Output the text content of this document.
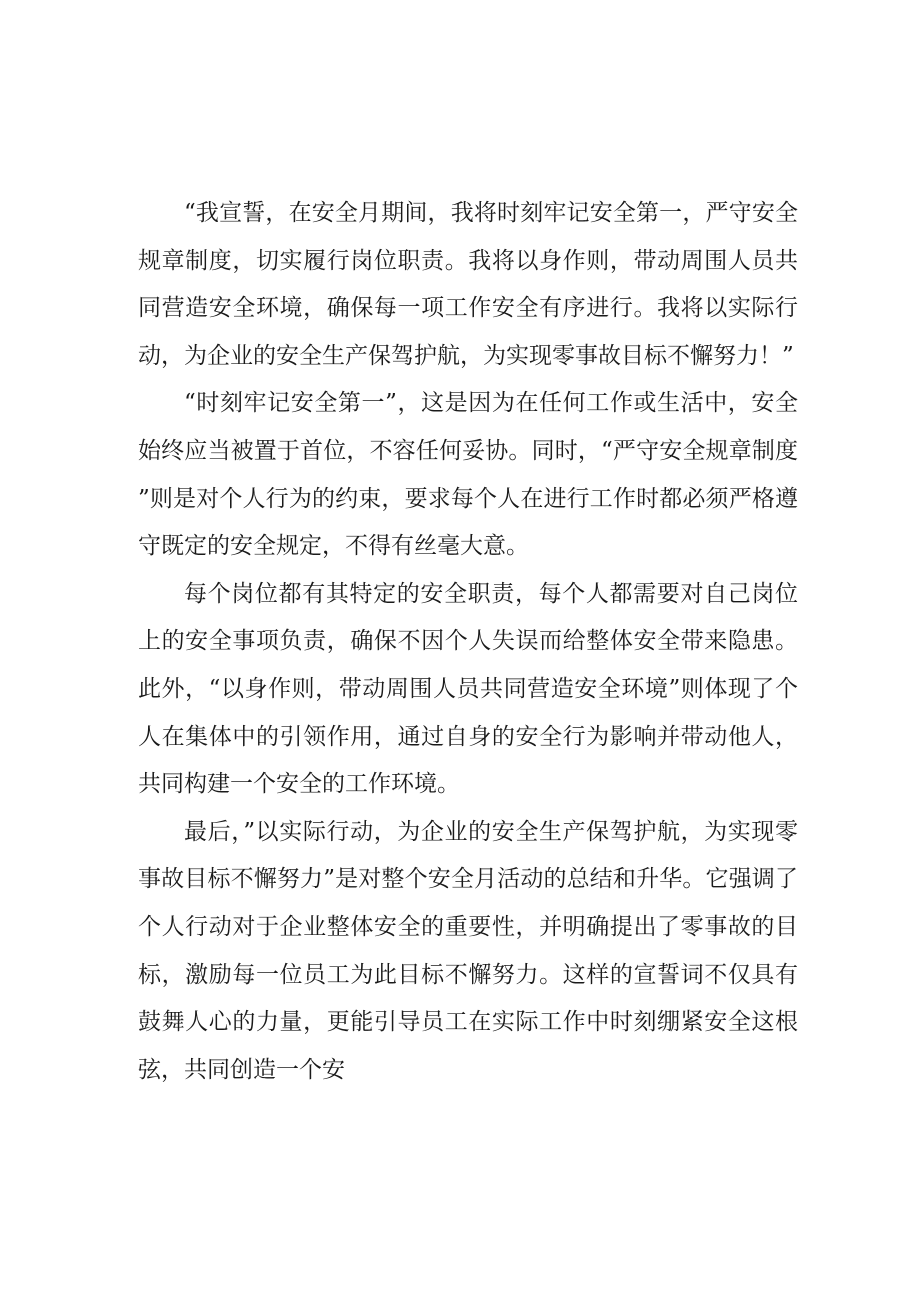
“我宣誓，在安全月期间，我将时刻牢记安全第一，严守安全规章制度，切实履行岗位职责。我将以身作则，带动周围人员共同营造安全环境，确保每一项工作安全有序进行。我将以实际行动，为企业的安全生产保驾护航，为实现零事故目标不懈努力！”

“时刻牢记安全第一”，这是因为在任何工作或生活中，安全始终应当被置于首位，不容任何妥协。同时，“严守安全规章制度”则是对个人行为的约束，要求每个人在进行工作时都必须严格遵守既定的安全规定，不得有丝毫大意。

每个岗位都有其特定的安全职责，每个人都需要对自己岗位上的安全事项负责，确保不因个人失误而给整体安全带来隐患。此外，“以身作则，带动周围人员共同营造安全环境”则体现了个人在集体中的引领作用，通过自身的安全行为影响并带动他人，共同构建一个安全的工作环境。

最后，”以实际行动，为企业的安全生产保驾护航，为实现零事故目标不懈努力”是对整个安全月活动的总结和升华。它强调了个人行动对于企业整体安全的重要性，并明确提出了零事故的目标，激励每一位员工为此目标不懈努力。这样的宣誓词不仅具有鼓舞人心的力量，更能引导员工在实际工作中时刻绷紧安全这根弦，共同创造一个安
